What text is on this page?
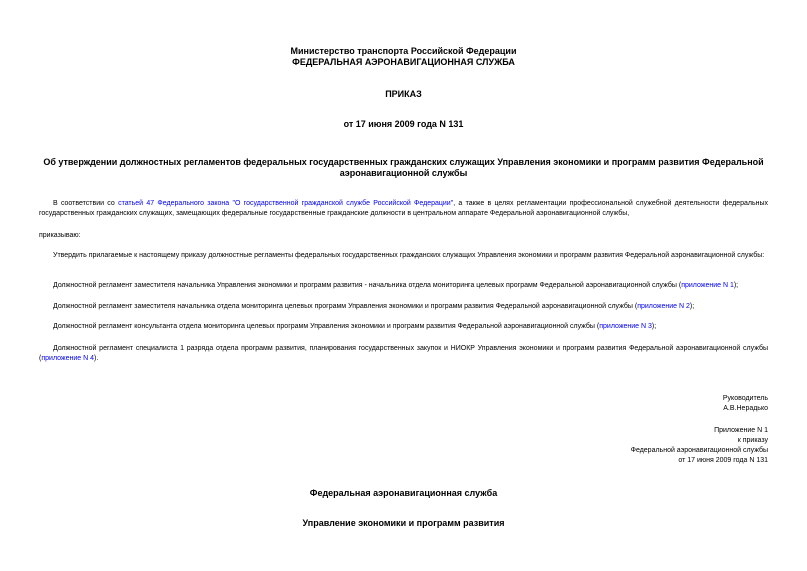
Министерство транспорта Российской Федерации
ФЕДЕРАЛЬНАЯ АЭРОНАВИГАЦИОННАЯ СЛУЖБА
ПРИКАЗ
от 17 июня 2009 года N 131
Об утверждении должностных регламентов федеральных государственных гражданских служащих Управления экономики и программ развития Федеральной аэронавигационной службы
В соответствии со статьей 47 Федерального закона "О государственной гражданской службе Российской Федерации", а также в целях регламентации профессиональной служебной деятельности федеральных государственных гражданских служащих, замещающих федеральные государственные гражданские должности в центральном аппарате Федеральной аэронавигационной службы,
приказываю:
Утвердить прилагаемые к настоящему приказу должностные регламенты федеральных государственных гражданских служащих Управления экономики и программ развития Федеральной аэронавигационной службы:
Должностной регламент заместителя начальника Управления экономики и программ развития - начальника отдела мониторинга целевых программ Федеральной аэронавигационной службы (приложение N 1);
Должностной регламент заместителя начальника отдела мониторинга целевых программ Управления экономики и программ развития Федеральной аэронавигационной службы (приложение N 2);
Должностной регламент консультанта отдела мониторинга целевых программ Управления экономики и программ развития Федеральной аэронавигационной службы (приложение N 3);
Должностной регламент специалиста 1 разряда отдела программ развития, планирования государственных закупок и НИОКР Управления экономики и программ развития Федеральной аэронавигационной службы (приложение N 4).
Руководитель
А.В.Нерадько
Приложение N 1
к приказу
Федеральной аэронавигационной службы
от 17 июня 2009 года N 131
Федеральная аэронавигационная служба
Управление экономики и программ развития
